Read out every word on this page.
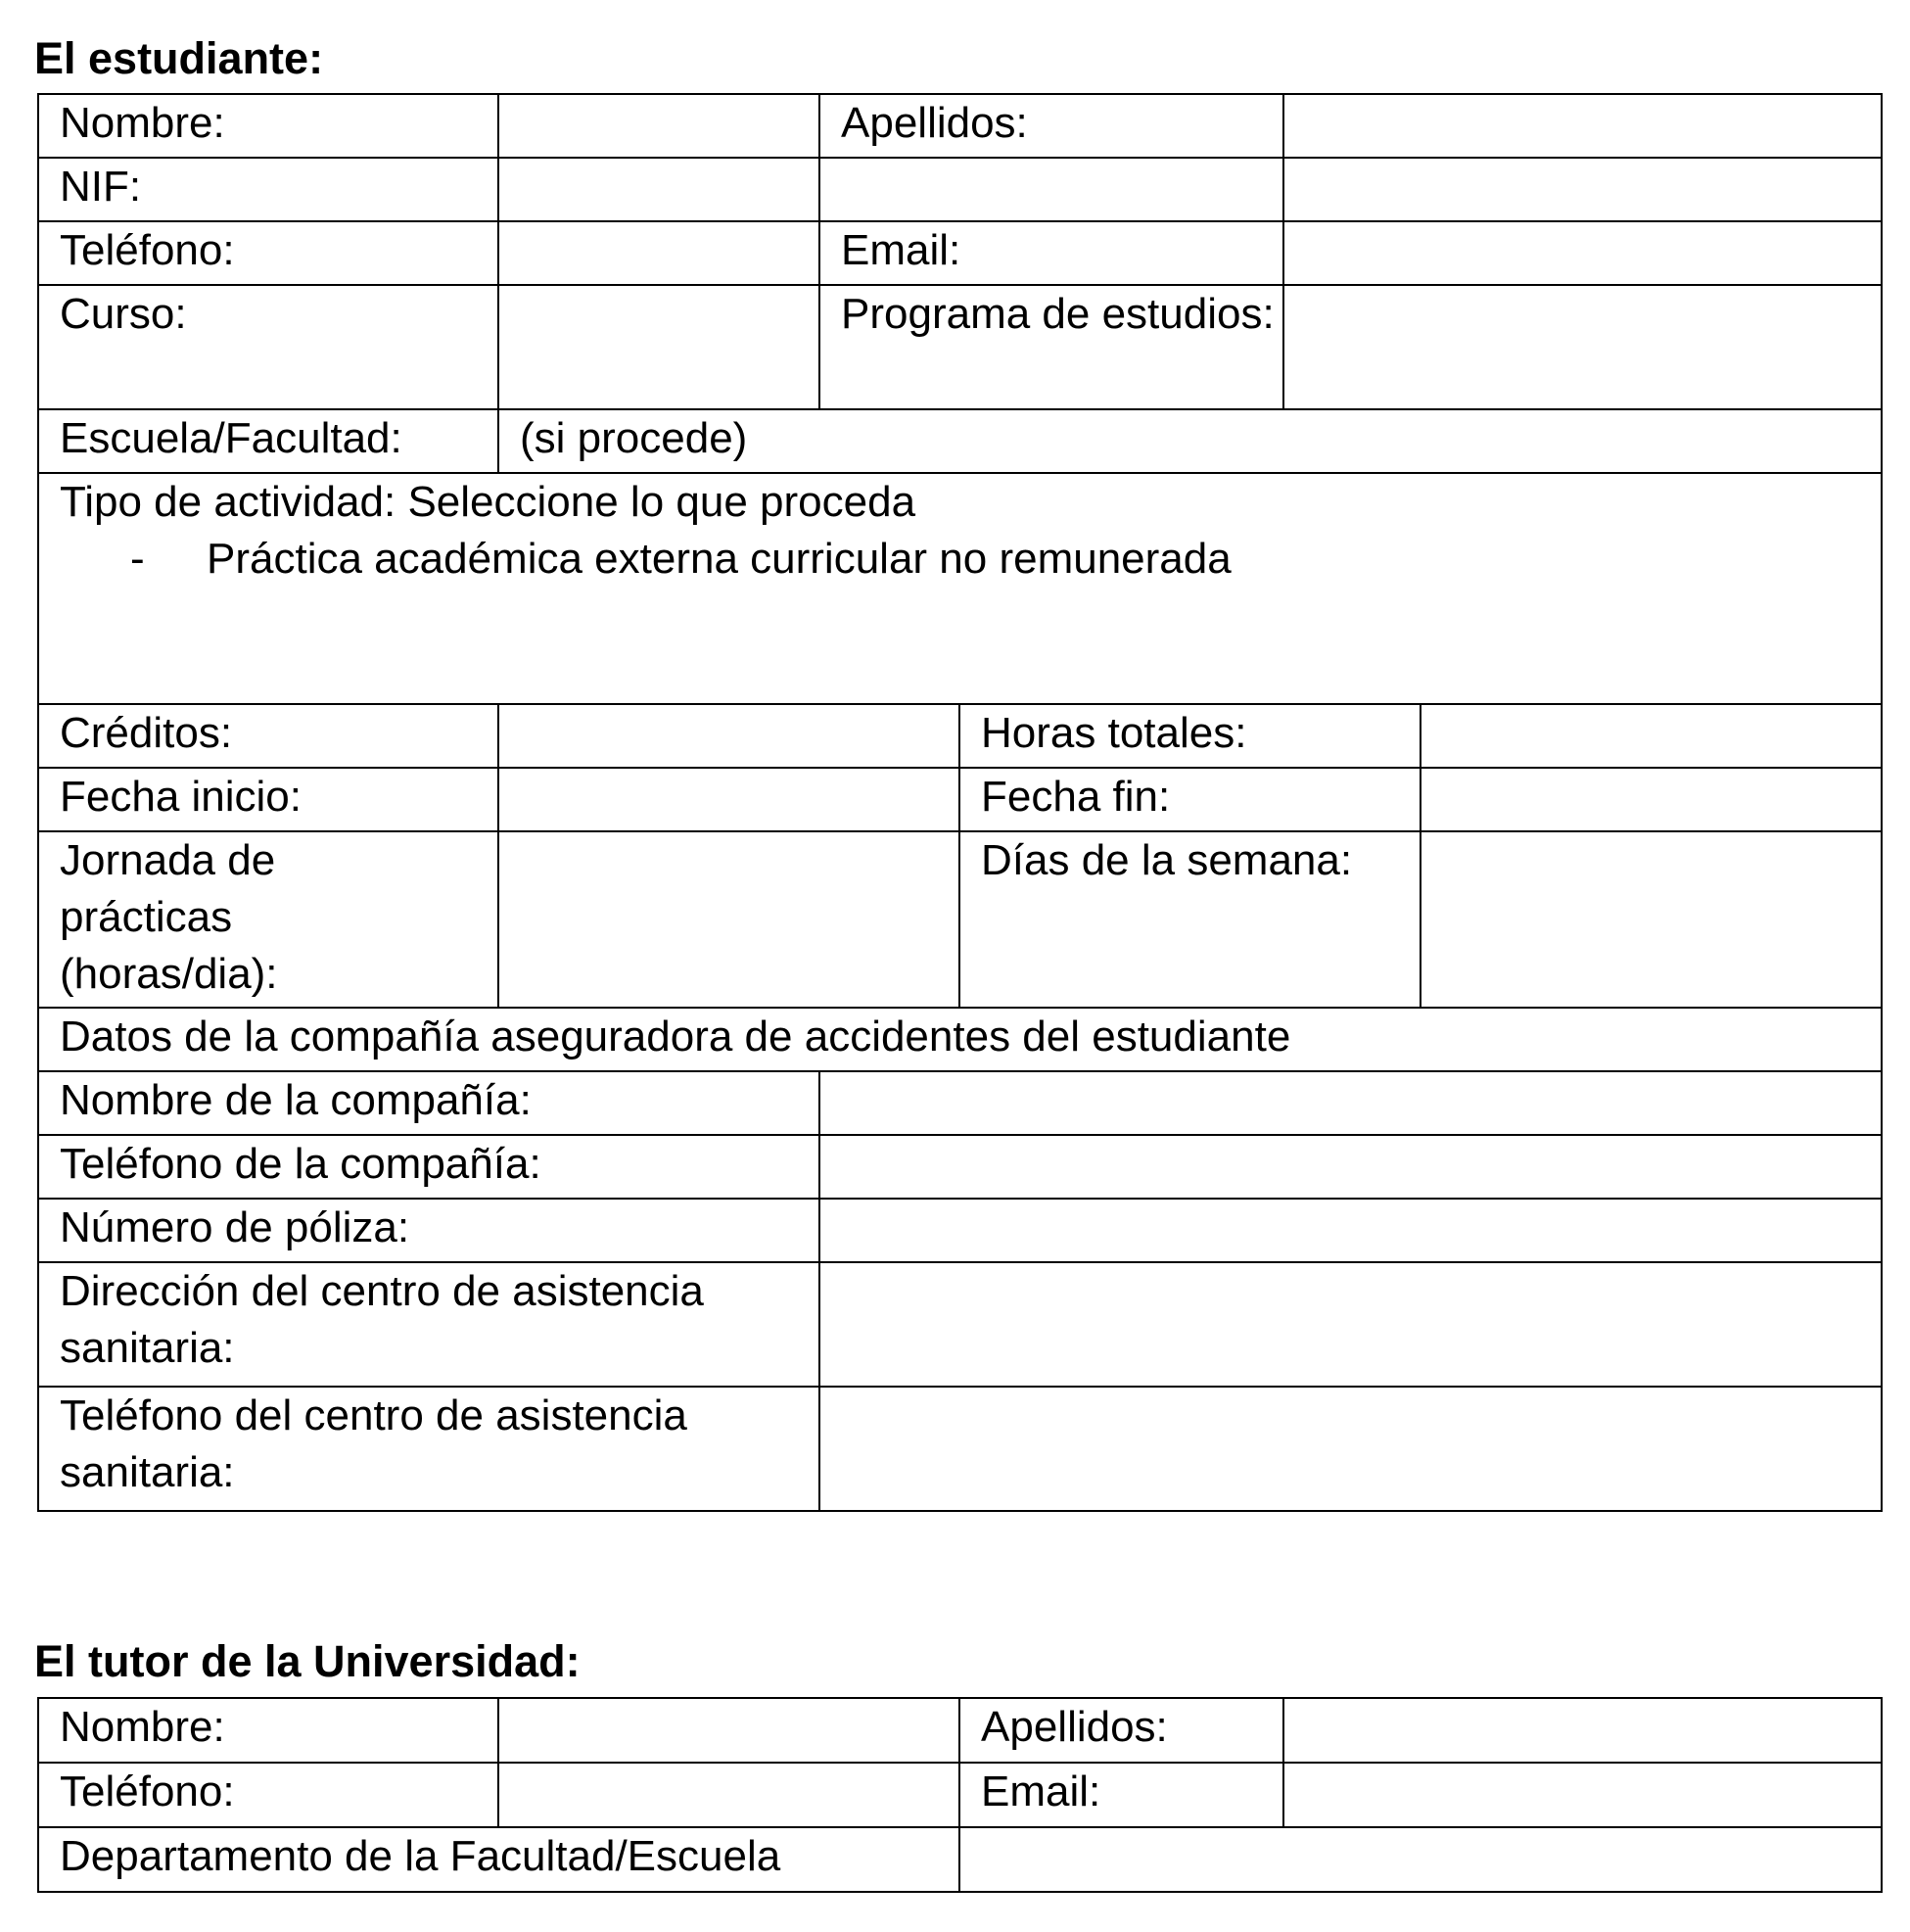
El estudiante:
Nombre:		Apellidos:	
NIF:			
Teléfono:		Email:	
Curso:		Programa de estudios:	
Escuela/Facultad:	(si procede)		

Tipo de actividad: Seleccione lo que proceda
- Práctica académica externa curricular no remunerada			
Créditos:		Horas totales:	
Fecha inicio:		Fecha fin:	
Jornada de prácticas (horas/dia):		Días de la semana:	
Datos de la compañía aseguradora de accidentes del estudiante	
Nombre de la compañía:	
Teléfono de la compañía:	
Número de póliza:	
Dirección del centro de asistencia sanitaria:	
Teléfono del centro de asistencia sanitaria:	
El tutor de la Universidad:
Nombre:		Apellidos:	
Teléfono:		Email:	
Departamento de la Facultad/Escuela			
